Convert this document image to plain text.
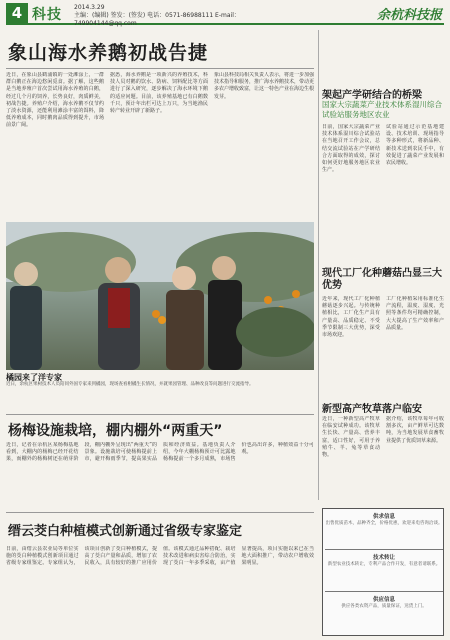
4 科技 2014.3.29
主编：(编辑) 签发：(签发) 电话：0571-86988111 E-mail：749904144@qq.com
余杭科技报
象山海水养鹅初战告捷
近日，在象山县鹤浦镇的一处滩涂上，一群群白鹅正在海边悠闲觅食。据了解，这些鹅是当地养殖户首次尝试用海水养殖的白鹅，经过几个月的饲养，长势良好，肉质鲜美，初战告捷。养殖户介绍，海水养鹅不仅节约了淡水资源，还能利用滩涂丰富的饵料，降低养殖成本，同时鹅肉品质得到提升，市场前景广阔。
据悉，海水养鹅是一项新兴的养殖技术，科技人员对鹅的饮水、防病、饲料配比等方面进行了深入研究，逐步解决了海水环境下鹅的适应问题。目前，该养殖基地已有白鹅数千只，预计年出栏可达上万只，为当地渔民转产转业开辟了新路子。
象山县科技局相关负责人表示，将进一步加强技术指导和服务，推广海水养鹅技术，带动更多农户增收致富，让这一特色产业在海边生根发芽。
橘园来了洋专家
近日，余杭区果树技术人员陪同外国专家来到橘园，现场查看柑橘生长情况，并就果园管理、品种改良等问题进行交流指导。
架起产学研结合的桥梁
国家大宗蔬菜产业技术体系湿川综合试验站服务地区农业
日前，国家大宗蔬菜产业技术体系湿川综合试验站在当地召开工作会议，总结交流试验站在产学研结合方面取得的成效，探讨如何更好地服务地区农业生产。
试验站通过示范基地建设、技术培训、现场指导等多种形式，将新品种、新技术送到农民手中，有效促进了蔬菜产业发展和农民增收。
现代工厂化种蘑菇凸显三大优势
近年来，现代工厂化种植蘑菇逐步兴起。与传统种植相比，工厂化生产具有产量高、品质稳定、不受季节限制三大优势，深受市场欢迎。
工厂化种植采用标准化生产流程，温度、湿度、光照等条件均可精确控制，大大提高了生产效率和产品质量。
新型高产牧草落户临安
近日，一种新型高产牧草在临安试种成功。该牧草生长快、产量高、营养丰富，适口性好，可用于养殖牛、羊、兔等草食动物。
据介绍，该牧草每年可收割多次，亩产鲜草可达数吨，为当地发展草食畜牧业提供了优质饲草来源。
杨梅设施栽培，棚内棚外“两重天”
近日，记者在余杭区某杨梅基地看到，大棚内的杨梅已经开花结果，而棚外的杨梅树还在萌芽阶段，棚内棚外呈现出“两重天”的景象。设施栽培可使杨梅提前上市，避开梅雨季节，提高果实品质和经济效益。基地负责人介绍，今年大棚杨梅预计可比露地杨梅提前一个多月成熟，市场售价也高出许多，种植效益十分可观。
缙云茭白种植模式创新通过省级专家鉴定
日前，由缙云县农业局等单位实施的茭白种植模式创新项目通过省级专家组鉴定。专家组认为，该项目创新了茭白种植模式，提高了茭白产量和品质，增加了农民收入，具有较好的推广应用价值。该模式通过品种搭配、栽培技术改进和病虫害综合防治，实现了茭白一年多季采收，亩产值显著提高，项目实施以来已在当地大面积推广，带动农户增收效果明显。
供求信息
出售优质苗木，品种齐全，价格优惠，欢迎来电咨询洽谈。
技术转让
新型农业技术转让，专利产品合作开发，有意者请联系。
供应信息
供应各类农资产品，质量保证，送货上门。
